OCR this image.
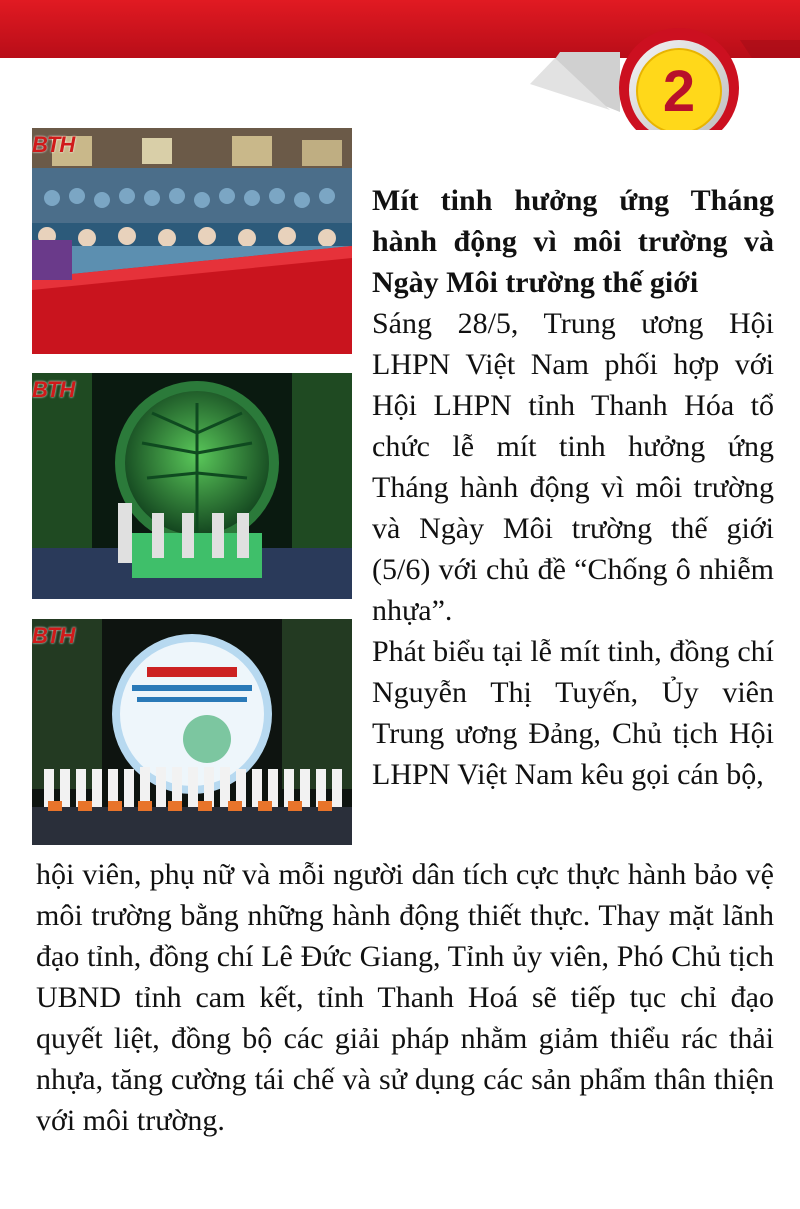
2
BTH
BTH
BTH
Mít tinh hưởng ứng Tháng hành động vì môi trường và Ngày Môi trường thế giới

Sáng 28/5, Trung ương Hội LHPN Việt Nam phối hợp với Hội LHPN tỉnh Thanh Hóa tổ chức lễ mít tinh hưởng ứng Tháng hành động vì môi trường và Ngày Môi trường thế giới (5/6) với chủ đề “Chống ô nhiễm nhựa”.

Phát biểu tại lễ mít tinh, đồng chí Nguyễn Thị Tuyến, Ủy viên Trung ương Đảng, Chủ tịch Hội LHPN Việt Nam kêu gọi cán bộ,

hội viên, phụ nữ và mỗi người dân tích cực thực hành bảo vệ môi trường bằng những hành động thiết thực. Thay mặt lãnh đạo tỉnh, đồng chí Lê Đức Giang, Tỉnh ủy viên, Phó Chủ tịch UBND tỉnh cam kết, tỉnh Thanh Hoá sẽ tiếp tục chỉ đạo quyết liệt, đồng bộ các giải pháp nhằm giảm thiểu rác thải nhựa, tăng cường tái chế và sử dụng các sản phẩm thân thiện với môi trường.
